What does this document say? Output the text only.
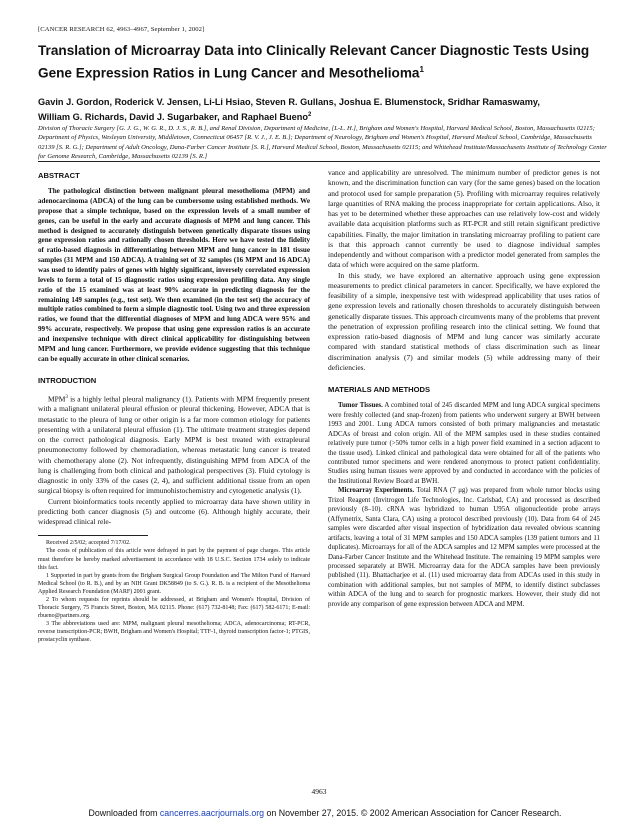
[CANCER RESEARCH 62, 4963–4967, September 1, 2002]
Translation of Microarray Data into Clinically Relevant Cancer Diagnostic Tests Using Gene Expression Ratios in Lung Cancer and Mesothelioma$^1$
Gavin J. Gordon, Roderick V. Jensen, Li-Li Hsiao, Steven R. Gullans, Joshua E. Blumenstock, Sridhar Ramaswamy,
William G. Richards, David J. Sugarbaker, and Raphael Bueno$^2$
Division of Thoracic Surgery [G. J. G., W. G. R., D. J. S., R. B.], and Renal Division, Department of Medicine, [L-L. H.], Brigham and Women's Hospital, Harvard Medical School, Boston, Massachusetts 02115; Department of Physics, Wesleyan University, Middletown, Connecticut 06457 [R. V. J., J. E. B.]; Department of Neurology, Brigham and Women's Hospital, Harvard Medical School, Cambridge, Massachusetts 02139 [S. R. G.]; Department of Adult Oncology, Dana-Farber Cancer Institute [S. R.], Harvard Medical School, Boston, Massachusetts 02115; and Whitehead Institute/Massachusetts Institute of Technology Center for Genome Research, Cambridge, Massachusetts 02139 [S. R.]

ABSTRACT

The pathological distinction between malignant pleural mesothelioma (MPM) and adenocarcinoma (ADCA) of the lung can be cumbersome using established methods. We propose that a simple technique, based on the expression levels of a small number of genes, can be useful in the early and accurate diagnosis of MPM and lung cancer. This method is designed to accurately distinguish between genetically disparate tissues using gene expression ratios and rationally chosen thresholds. Here we have tested the fidelity of ratio-based diagnosis in differentiating between MPM and lung cancer in 181 tissue samples (31 MPM and 150 ADCA). A training set of 32 samples (16 MPM and 16 ADCA) was used to identify pairs of genes with highly significant, inversely correlated expression levels to form a total of 15 diagnostic ratios using expression profiling data. Any single ratio of the 15 examined was at least 90% accurate in predicting diagnosis for the remaining 149 samples (e.g., test set). We then examined (in the test set) the accuracy of multiple ratios combined to form a simple diagnostic tool. Using two and three expression ratios, we found that the differential diagnoses of MPM and lung ADCA were 95% and 99% accurate, respectively. We propose that using gene expression ratios is an accurate and inexpensive technique with direct clinical applicability for distinguishing between MPM and lung cancer. Furthermore, we provide evidence suggesting that this technique can be equally accurate in other clinical scenarios.

INTRODUCTION

MPM$^3$ is a highly lethal pleural malignancy (1). Patients with MPM frequently present with a malignant unilateral pleural effusion or pleural thickening. However, ADCA that is metastatic to the pleura of lung or other origin is a far more common etiology for patients presenting with a unilateral pleural effusion (1). The ultimate treatment strategies depend on the correct pathological diagnosis. Early MPM is best treated with extrapleural pneumonectomy followed by chemoradiation, whereas metastatic lung cancer is treated with chemotherapy alone (2). Not infrequently, distinguishing MPM from ADCA of the lung is challenging from both clinical and pathological perspectives (3). Fluid cytology is diagnostic in only 33% of the cases (2, 4), and sufficient additional tissue from an open surgical biopsy is often required for immunohistochemistry and cytogenetic analysis (1).

Current bioinformatics tools recently applied to microarray data have shown utility in predicting both cancer diagnosis (5) and outcome (6). Although highly accurate, their widespread clinical rele-

Received 2/5/02; accepted 7/17/02.

The costs of publication of this article were defrayed in part by the payment of page charges. This article must therefore be hereby marked advertisement in accordance with 18 U.S.C. Section 1734 solely to indicate this fact.

1 Supported in part by grants from the Brigham Surgical Group Foundation and The Milton Fund of Harvard Medical School (to R. B.), and by an NIH Grant DK58849 (to S. G.). R. B. is a recipient of the Mesothelioma Applied Research Foundation (MARF) 2001 grant.

2 To whom requests for reprints should be addressed, at Brigham and Women's Hospital, Division of Thoracic Surgery, 75 Francis Street, Boston, MA 02115. Phone: (617) 732-8148; Fax: (617) 582-6171; E-mail: rbueno@partners.org.

3 The abbreviations used are: MPM, malignant pleural mesothelioma; ADCA, adenocarcinoma; RT-PCR, reverse transcription-PCR; BWH, Brigham and Women's Hospital; TTF-1, thyroid transcription factor-1; PTGIS, prostacyclin synthase.

vance and applicability are unresolved. The minimum number of predictor genes is not known, and the discrimination function can vary (for the same genes) based on the location and protocol used for sample preparation (5). Profiling with microarray requires relatively large quantities of RNA making the process inappropriate for certain applications. Also, it has yet to be determined whether these approaches can use relatively low-cost and widely available data acquisition platforms such as RT-PCR and still retain significant predictive capabilities. Finally, the major limitation in translating microarray profiling to patient care is that this approach cannot currently be used to diagnose individual samples independently and without comparison with a predictor model generated from samples the data of which were acquired on the same platform.

In this study, we have explored an alternative approach using gene expression measurements to predict clinical parameters in cancer. Specifically, we have explored the feasibility of a simple, inexpensive test with widespread applicability that uses ratios of gene expression levels and rationally chosen thresholds to accurately distinguish between genetically disparate tissues. This approach circumvents many of the problems that prevent the penetration of expression profiling research into the clinical setting. We found that expression ratio-based diagnosis of MPM and lung cancer was similarly accurate compared with standard statistical methods of class discrimination such as linear discrimination analysis (7) and similar models (5) while addressing many of their deficiencies.

MATERIALS AND METHODS

Tumor Tissues. A combined total of 245 discarded MPM and lung ADCA surgical specimens were freshly collected (and snap-frozen) from patients who underwent surgery at BWH between 1993 and 2001. Lung ADCA tumors consisted of both primary malignancies and metastatic ADCAs of breast and colon origin. All of the MPM samples used in these studies contained relatively pure tumor (>50% tumor cells in a high power field examined in a section adjacent to the tissue used). Linked clinical and pathological data were obtained for all of the patients who contributed tumor specimens and were rendered anonymous to protect patient confidentiality. Studies using human tissues were approved by and conducted in accordance with the policies of the Institutional Review Board at BWH.

Microarray Experiments. Total RNA (7 μg) was prepared from whole tumor blocks using Trizol Reagent (Invitrogen Life Technologies, Inc. Carlsbad, CA) and processed as described previously (8–10). cRNA was hybridized to human U95A oligonucleotide probe arrays (Affymetrix, Santa Clara, CA) using a protocol described previously (10). Data from 64 of 245 samples were discarded after visual inspection of hybridization data revealed obvious scanning artifacts, leaving a total of 31 MPM samples and 150 ADCA samples (139 patient tumors and 11 duplicates). Microarrays for all of the ADCA samples and 12 MPM samples were processed at the Dana-Farber Cancer Institute and the Whitehead Institute. The remaining 19 MPM samples were processed separately at BWH. Microarray data for the ADCA samples have been previously published (11). Bhattacharjee et al. (11) used microarray data from ADCAs used in this study in combination with additional samples, but not samples of MPM, to identify distinct subclasses within ADCA of the lung and to search for prognostic markers. However, their study did not provide any comparison of gene expression between ADCA and MPM.

4963
Downloaded from cancerres.aacrjournals.org on November 27, 2015. © 2002 American Association for Cancer Research.
